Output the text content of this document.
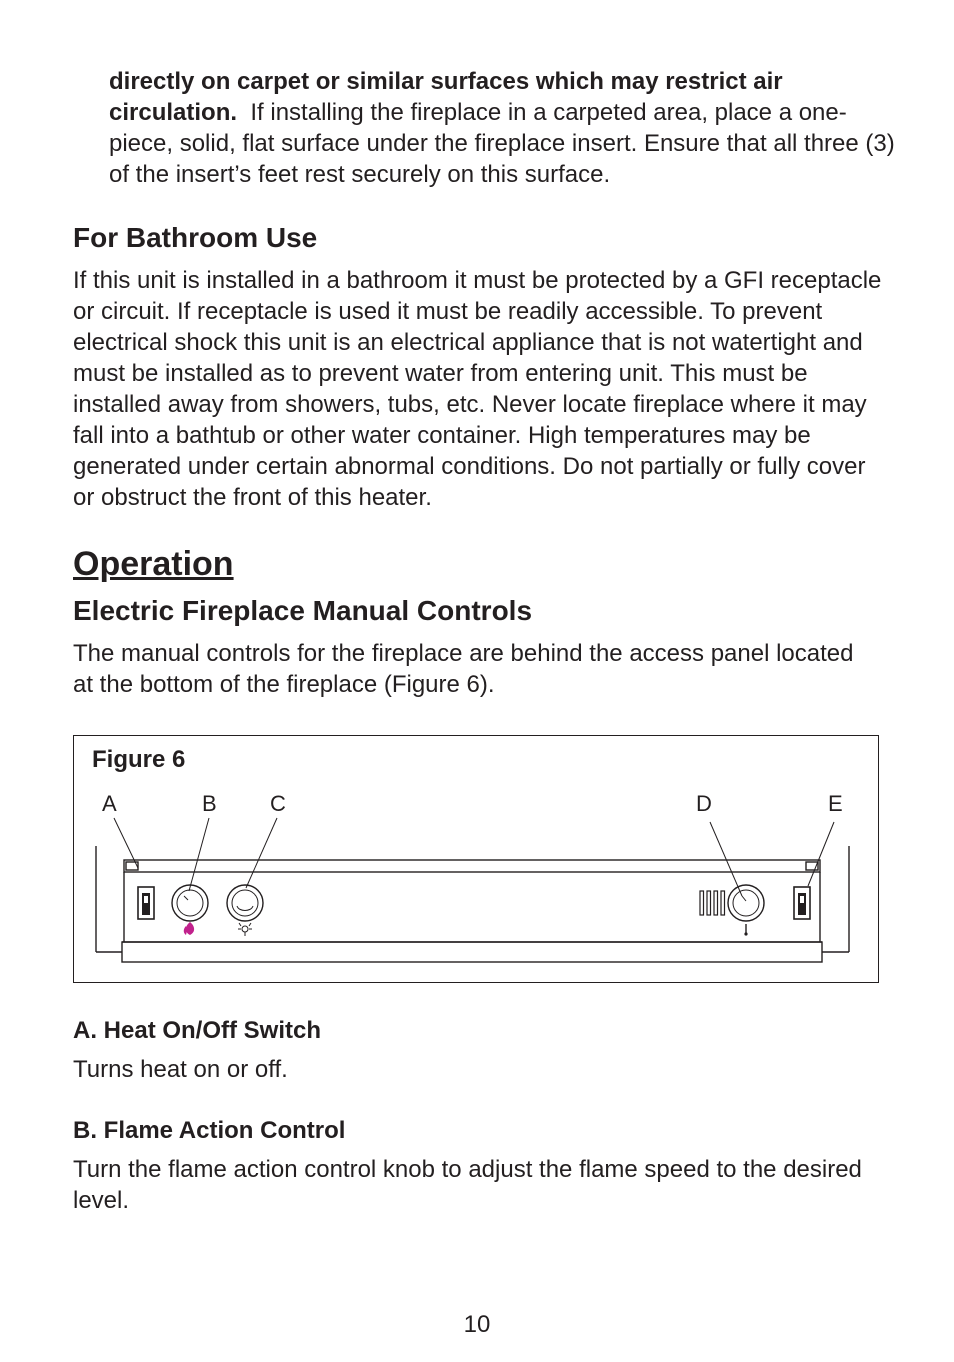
directly on carpet or similar surfaces which may restrict air circulation. If installing the fireplace in a carpeted area, place a one-piece, solid, flat surface under the fireplace insert. Ensure that all three (3) of the insert’s feet rest securely on this surface.
For Bathroom Use
If this unit is installed in a bathroom it must be protected by a GFI receptacle or circuit. If receptacle is used it must be readily accessible. To prevent electrical shock this unit is an electrical appliance that is not watertight and must be installed as to prevent water from entering unit. This must be installed away from showers, tubs, etc. Never locate fireplace where it may fall into a bathtub or other water container. High temperatures may be generated under certain abnormal conditions. Do not partially or fully cover or obstruct the front of this heater.
Operation
Electric Fireplace Manual Controls
The manual controls for the fireplace are behind the access panel located at the bottom of the fireplace (Figure 6).
Figure 6
A	B C	D	E
A. Heat On/Off Switch
Turns heat on or off.
B. Flame Action Control
Turn the flame action control knob to adjust the flame speed to the desired level.
10
